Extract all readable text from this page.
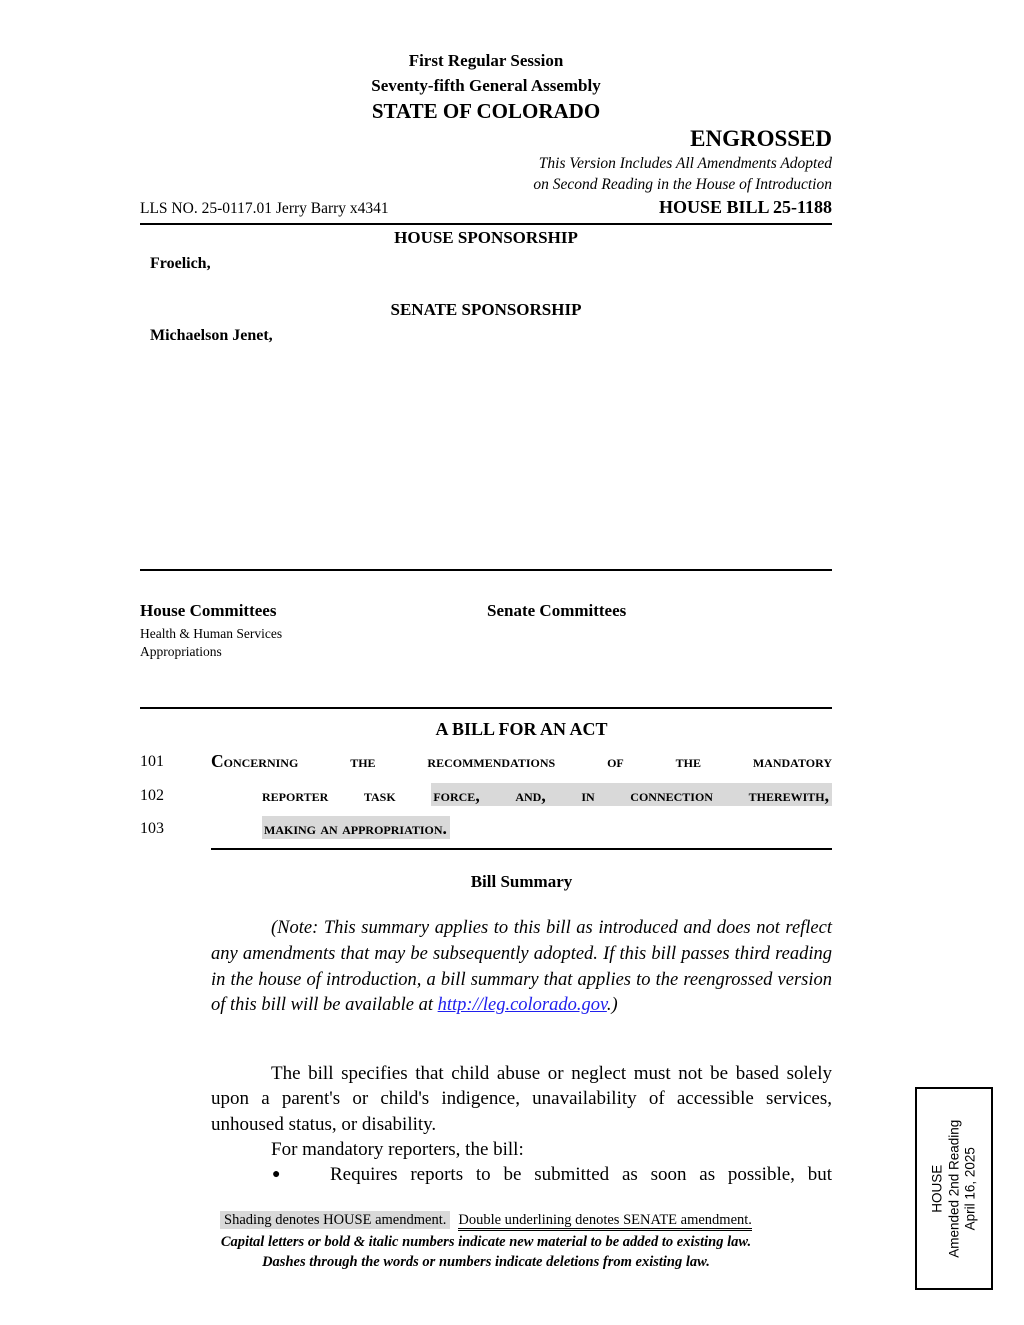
First Regular Session
Seventy-fifth General Assembly
STATE OF COLORADO
ENGROSSED
This Version Includes All Amendments Adopted
on Second Reading in the House of Introduction
LLS NO. 25-0117.01 Jerry Barry x4341	HOUSE BILL 25-1188
HOUSE SPONSORSHIP
Froelich,
SENATE SPONSORSHIP
Michaelson Jenet,
House Committees
Health & Human Services
Appropriations
Senate Committees
A BILL FOR AN ACT
101	Concerning the recommendations of the mandatory
102	reporter task force, and, in connection therewith,
103	making an appropriation.
Bill Summary
(Note: This summary applies to this bill as introduced and does not reflect any amendments that may be subsequently adopted. If this bill passes third reading in the house of introduction, a bill summary that applies to the reengrossed version of this bill will be available at http://leg.colorado.gov.)

The bill specifies that child abuse or neglect must not be based solely upon a parent's or child's indigence, unavailability of accessible services, unhoused status, or disability.

For mandatory reporters, the bill:

●	Requires reports to be submitted as soon as possible, but
Shading denotes HOUSE amendment. Double underlining denotes SENATE amendment.
Capital letters or bold & italic numbers indicate new material to be added to existing law.
Dashes through the words or numbers indicate deletions from existing law.
HOUSE Amended 2nd Reading April 16, 2025
